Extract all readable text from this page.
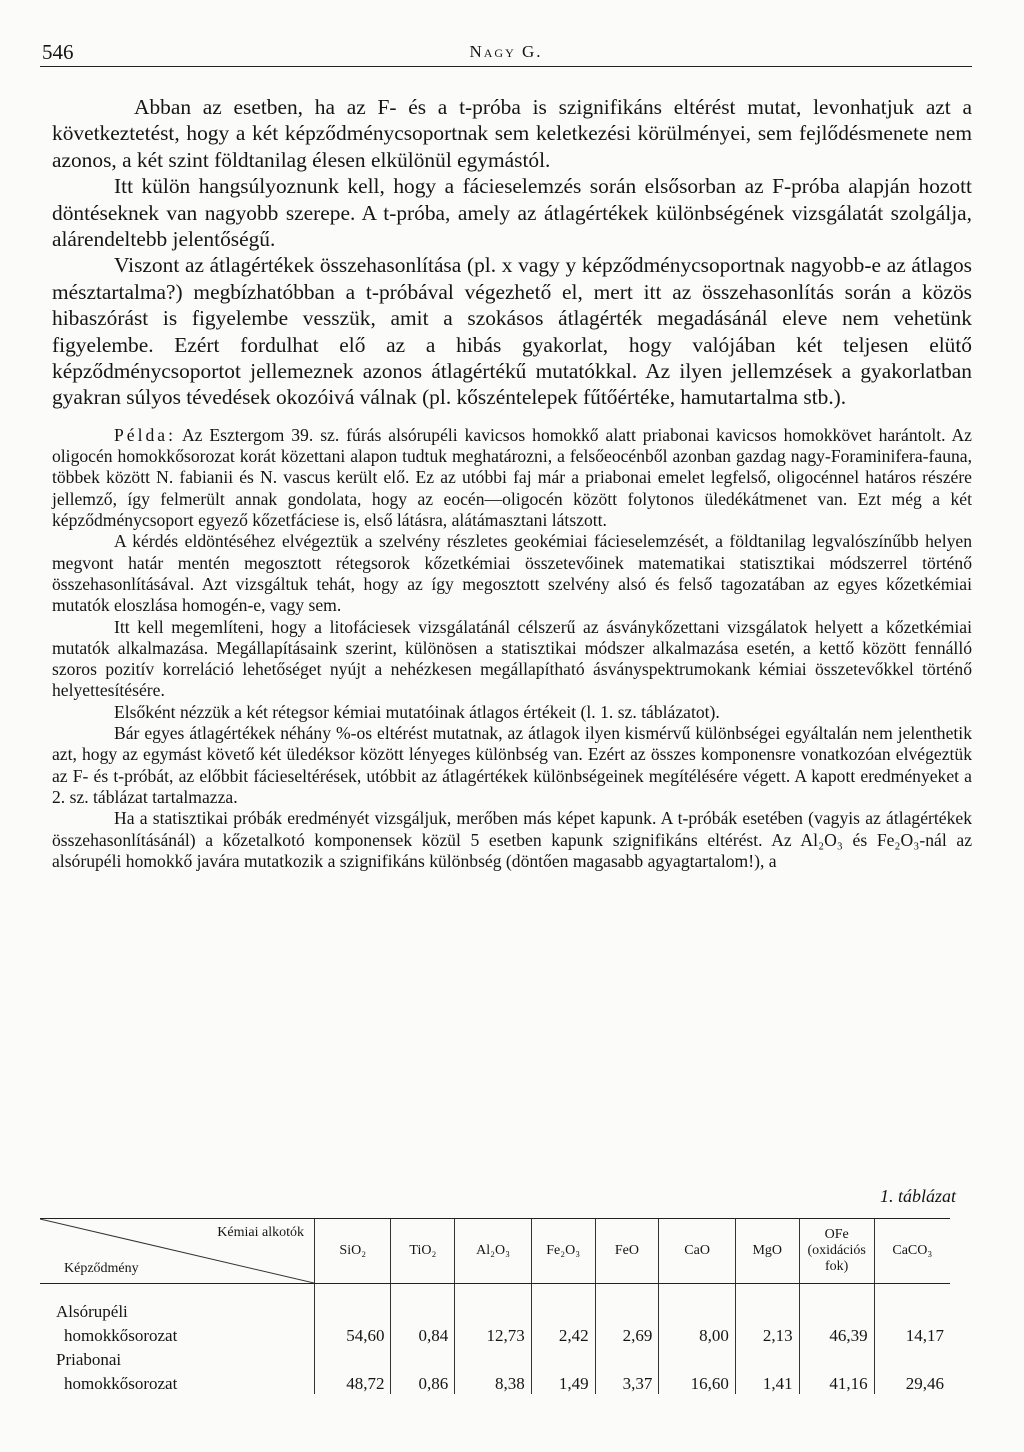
546	Nagy G.

Abban az esetben, ha az F- és a t-próba is szignifikáns eltérést mutat, levonhatjuk azt a következtetést, hogy a két képződménycsoportnak sem keletkezési körülményei, sem fejlődésmenete nem azonos, a két szint földtanilag élesen elkülönül egymástól.

Itt külön hangsúlyoznunk kell, hogy a fácieselemzés során elsősorban az F-próba alapján hozott döntéseknek van nagyobb szerepe. A t-próba, amely az átlagértékek különbségének vizsgálatát szolgálja, alárendeltebb jelentőségű.

Viszont az átlagértékek összehasonlítása (pl. x vagy y képződménycsoportnak nagyobb-e az átlagos mésztartalma?) megbízhatóbban a t-próbával végezhető el, mert itt az összehasonlítás során a közös hibaszórást is figyelembe vesszük, amit a szokásos átlagérték megadásánál eleve nem vehetünk figyelembe. Ezért fordulhat elő az a hibás gyakorlat, hogy valójában két teljesen elütő képződménycsoportot jellemeznek azonos átlagértékű mutatókkal. Az ilyen jellemzések a gyakorlatban gyakran súlyos tévedések okozóivá válnak (pl. kőszéntelepek fűtőértéke, hamutartalma stb.).

Példa: Az Esztergom 39. sz. fúrás alsórupéli kavicsos homokkő alatt priabonai kavicsos homokkövet harántolt. Az oligocén homokkősorozat korát közettani alapon tudtuk meghatározni, a felsőeocénből azonban gazdag nagy-Foraminifera-fauna, többek között N. fabianii és N. vascus került elő. Ez az utóbbi faj már a priabonai emelet legfelső, oligocénnel határos részére jellemző, így felmerült annak gondolata, hogy az eocén—oligocén között folytonos üledékátmenet van. Ezt még a két képződménycsoport egyező kőzetfáciese is, első látásra, alátámasztani látszott.

A kérdés eldöntéséhez elvégeztük a szelvény részletes geokémiai fácieselemzését, a földtanilag legvalószínűbb helyen megvont határ mentén megosztott rétegsorok kőzetkémiai összetevőinek matematikai statisztikai módszerrel történő összehasonlításával. Azt vizsgáltuk tehát, hogy az így megosztott szelvény alsó és felső tagozatában az egyes kőzetkémiai mutatók eloszlása homogén-e, vagy sem.

Itt kell megemlíteni, hogy a litofáciesek vizsgálatánál célszerű az ásványkőzettani vizsgálatok helyett a kőzetkémiai mutatók alkalmazása. Megállapításaink szerint, különösen a statisztikai módszer alkalmazása esetén, a kettő között fennálló szoros pozitív korreláció lehetőséget nyújt a nehézkesen megállapítható ásványspektrumokank kémiai összetevőkkel történő helyettesítésére.

Elsőként nézzük a két rétegsor kémiai mutatóinak átlagos értékeit (l. 1. sz. táblázatot).

Bár egyes átlagértékek néhány %-os eltérést mutatnak, az átlagok ilyen kismérvű különbségei egyáltalán nem jelenthetik azt, hogy az egymást követő két üledéksor között lényeges különbség van. Ezért az összes komponensre vonatkozóan elvégeztük az F- és t-próbát, az előbbit fácieseltérések, utóbbit az átlagértékek különbségeinek megítélésére végett. A kapott eredményeket a 2. sz. táblázat tartalmazza.

Ha a statisztikai próbák eredményét vizsgáljuk, merőben más képet kapunk. A t-próbák esetében (vagyis az átlagértékek összehasonlításánál) a kőzetalkotó komponensek közül 5 esetben kapunk szignifikáns eltérést. Az Al₂O₃ és Fe₂O₃-nál az alsórupéli homokkő javára mutatkozik a szignifikáns különbség (döntően magasabb agyagtartalom!), a

1. táblázat
Kémiai alkotók
Képződmény	SiO₂	TiO₂	Al₂O₃	Fe₂O₃	FeO	CaO	MgO	OFe (oxidációs fok)	CaCO₃
Alsórupéli									
homokkősorozat	54,60	0,84	12,73	2,42	2,69	8,00	2,13	46,39	14,17
Priabonai									
homokkősorozat	48,72	0,86	8,38	1,49	3,37	16,60	1,41	41,16	29,46
